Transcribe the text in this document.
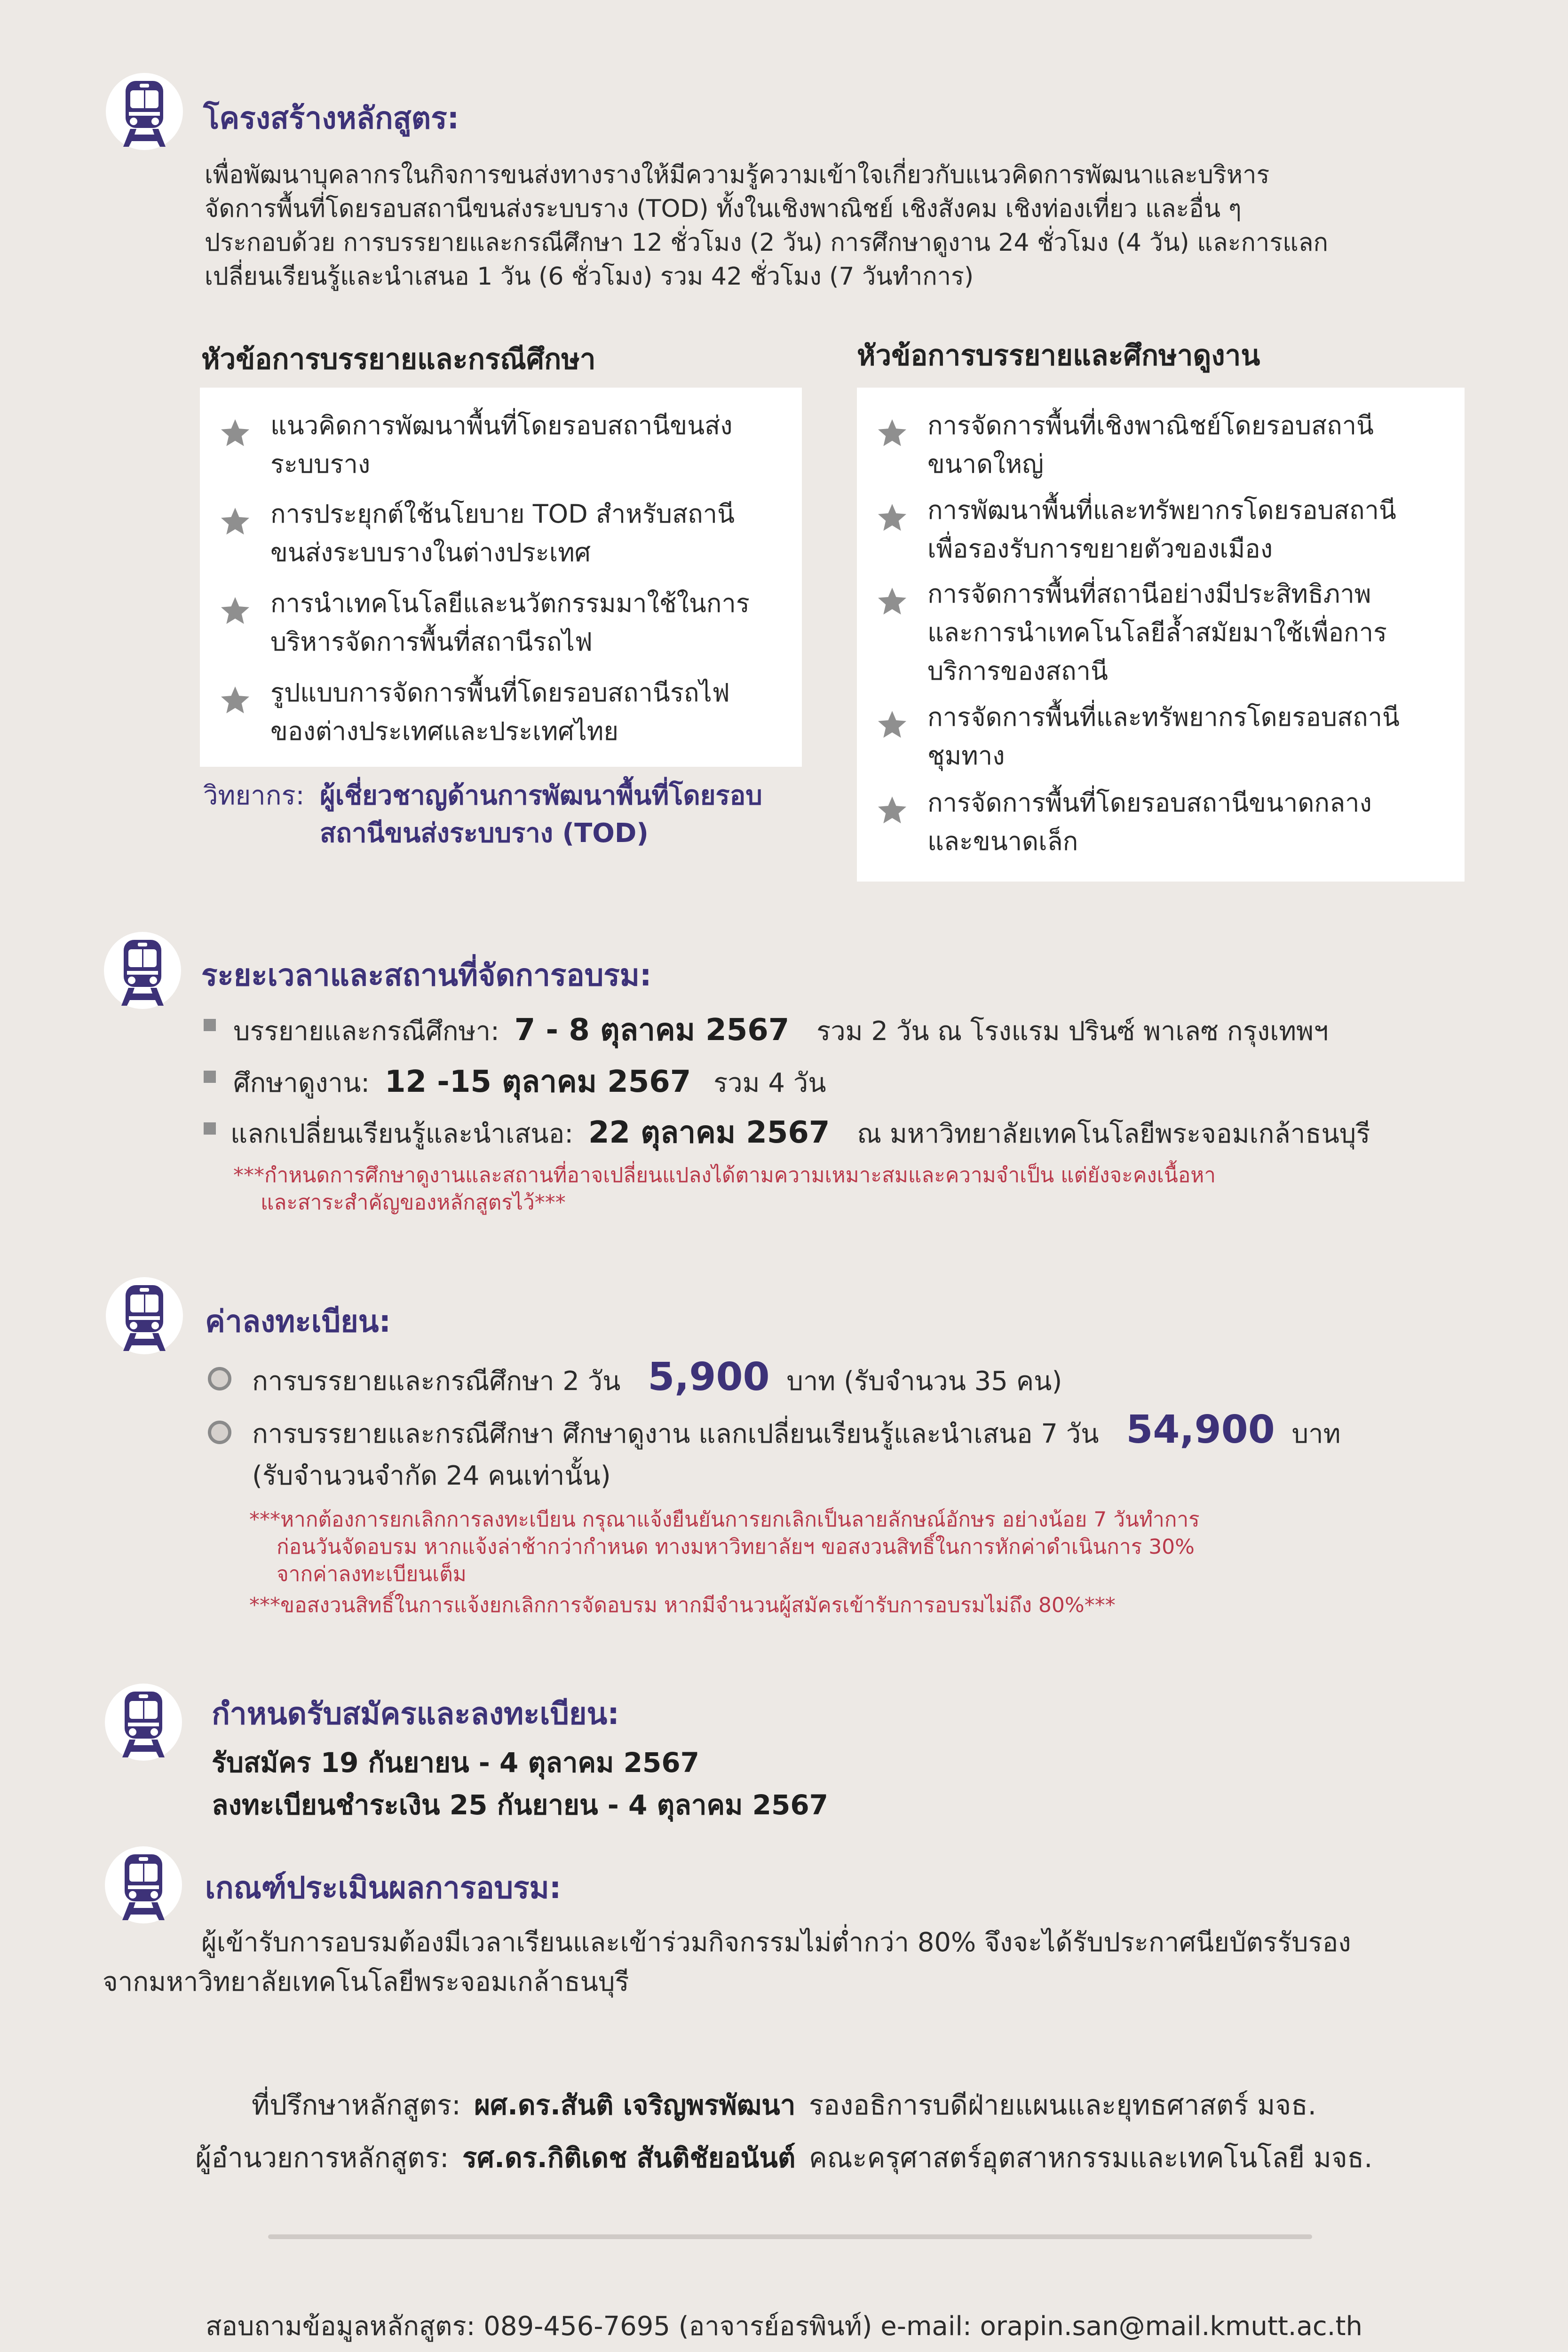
โครงสร้างหลักสูตร:
เพื่อพัฒนาบุคลากรในกิจการขนส่งทางรางให้มีความรู้ความเข้าใจเกี่ยวกับแนวคิดการพัฒนาและบริหาร
จัดการพื้นที่โดยรอบสถานีขนส่งระบบราง (TOD) ทั้งในเชิงพาณิชย์ เชิงสังคม เชิงท่องเที่ยว และอื่น ๆ
ประกอบด้วย การบรรยายและกรณีศึกษา 12 ชั่วโมง (2 วัน) การศึกษาดูงาน 24 ชั่วโมง (4 วัน) และการแลก
เปลี่ยนเรียนรู้และนำเสนอ 1 วัน (6 ชั่วโมง) รวม 42 ชั่วโมง (7 วันทำการ)
หัวข้อการบรรยายและกรณีศึกษา	หัวข้อการบรรยายและศึกษาดูงาน
แนวคิดการพัฒนาพื้นที่โดยรอบสถานีขนส่ง
ระบบราง
การประยุกต์ใช้นโยบาย TOD สำหรับสถานี
ขนส่งระบบรางในต่างประเทศ
การนำเทคโนโลยีและนวัตกรรมมาใช้ในการ
บริหารจัดการพื้นที่สถานีรถไฟ
รูปแบบการจัดการพื้นที่โดยรอบสถานีรถไฟ
ของต่างประเทศและประเทศไทย
วิทยากร: ผู้เชี่ยวชาญด้านการพัฒนาพื้นที่โดยรอบ
สถานีขนส่งระบบราง (TOD)
การจัดการพื้นที่เชิงพาณิชย์โดยรอบสถานี
ขนาดใหญ่
การพัฒนาพื้นที่และทรัพยากรโดยรอบสถานี
เพื่อรองรับการขยายตัวของเมือง
การจัดการพื้นที่สถานีอย่างมีประสิทธิภาพ
และการนำเทคโนโลยีล้ำสมัยมาใช้เพื่อการ
บริการของสถานี
การจัดการพื้นที่และทรัพยากรโดยรอบสถานี
ชุมทาง
การจัดการพื้นที่โดยรอบสถานีขนาดกลาง
และขนาดเล็ก
ระยะเวลาและสถานที่จัดการอบรม:
บรรยายและกรณีศึกษา: 7 - 8 ตุลาคม 2567 รวม 2 วัน ณ โรงแรม ปรินซ์ พาเลซ กรุงเทพฯ
ศึกษาดูงาน: 12 -15 ตุลาคม 2567 รวม 4 วัน
แลกเปลี่ยนเรียนรู้และนำเสนอ: 22 ตุลาคม 2567 ณ มหาวิทยาลัยเทคโนโลยีพระจอมเกล้าธนบุรี
***กำหนดการศึกษาดูงานและสถานที่อาจเปลี่ยนแปลงได้ตามความเหมาะสมและความจำเป็น แต่ยังจะคงเนื้อหา
และสาระสำคัญของหลักสูตรไว้***
ค่าลงทะเบียน:
การบรรยายและกรณีศึกษา 2 วัน 5,900 บาท (รับจำนวน 35 คน)
การบรรยายและกรณีศึกษา ศึกษาดูงาน แลกเปลี่ยนเรียนรู้และนำเสนอ 7 วัน 54,900 บาท
(รับจำนวนจำกัด 24 คนเท่านั้น)
***หากต้องการยกเลิกการลงทะเบียน กรุณาแจ้งยืนยันการยกเลิกเป็นลายลักษณ์อักษร อย่างน้อย 7 วันทำการ
ก่อนวันจัดอบรม หากแจ้งล่าช้ากว่ากำหนด ทางมหาวิทยาลัยฯ ขอสงวนสิทธิ์ในการหักค่าดำเนินการ 30%
จากค่าลงทะเบียนเต็ม
***ขอสงวนสิทธิ์ในการแจ้งยกเลิกการจัดอบรม หากมีจำนวนผู้สมัครเข้ารับการอบรมไม่ถึง 80%***
กำหนดรับสมัครและลงทะเบียน:
รับสมัคร 19 กันยายน - 4 ตุลาคม 2567
ลงทะเบียนชำระเงิน 25 กันยายน - 4 ตุลาคม 2567
เกณฑ์ประเมินผลการอบรม:
ผู้เข้ารับการอบรมต้องมีเวลาเรียนและเข้าร่วมกิจกรรมไม่ต่ำกว่า 80% จึงจะได้รับประกาศนียบัตรรับรอง
จากมหาวิทยาลัยเทคโนโลยีพระจอมเกล้าธนบุรี
ที่ปรึกษาหลักสูตร: ผศ.ดร.สันติ เจริญพรพัฒนา รองอธิการบดีฝ่ายแผนและยุทธศาสตร์ มจธ.
ผู้อำนวยการหลักสูตร: รศ.ดร.กิติเดช สันติชัยอนันต์ คณะครุศาสตร์อุตสาหกรรมและเทคโนโลยี มจธ.
สอบถามข้อมูลหลักสูตร: 089-456-7695 (อาจารย์อรพินท์) e-mail: orapin.san@mail.kmutt.ac.th
